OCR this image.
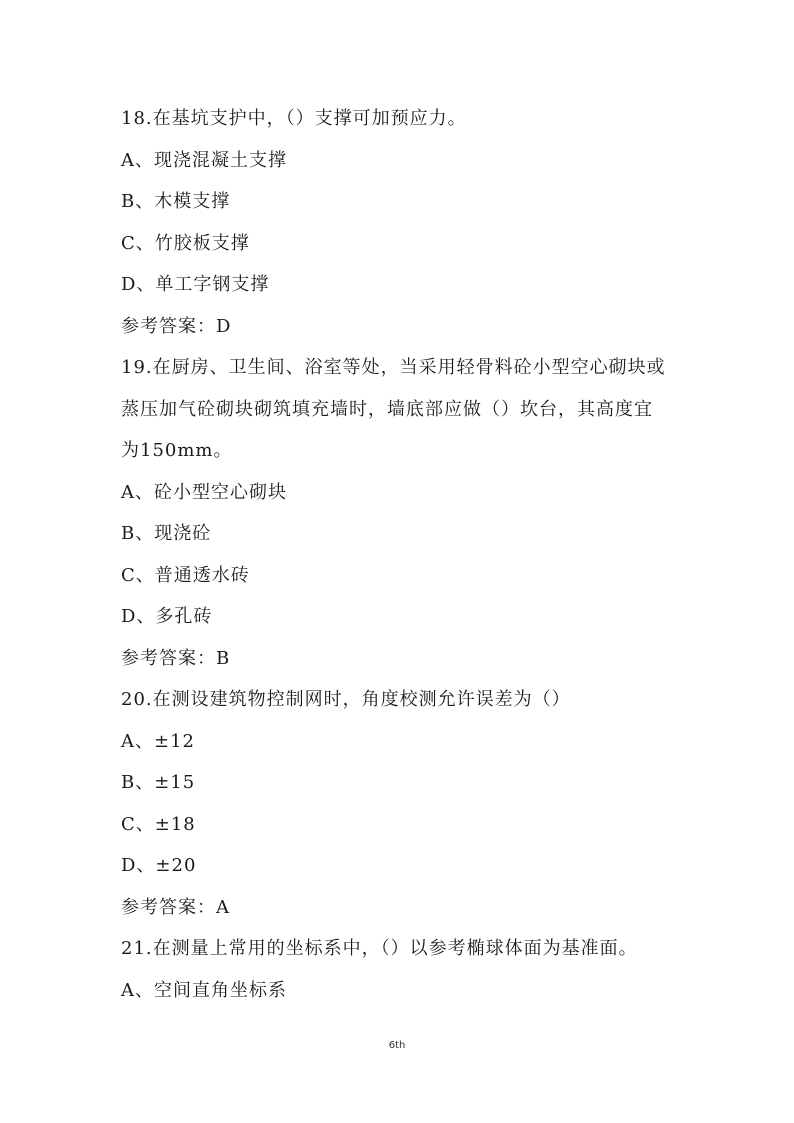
18.在基坑支护中，（）支撑可加预应力。
A、现浇混凝土支撑
B、木模支撑
C、竹胶板支撑
D、单工字钢支撑
参考答案：D
19.在厨房、卫生间、浴室等处，当采用轻骨料砼小型空心砌块或
蒸压加气砼砌块砌筑填充墙时，墙底部应做（）坎台，其高度宜
为150mm。
A、砼小型空心砌块
B、现浇砼
C、普通透水砖
D、多孔砖
参考答案：B
20.在测设建筑物控制网时，角度校测允许误差为（）
A、±12
B、±15
C、±18
D、±20
参考答案：A
21.在测量上常用的坐标系中，（）以参考椭球体面为基准面。
A、空间直角坐标系
6th
